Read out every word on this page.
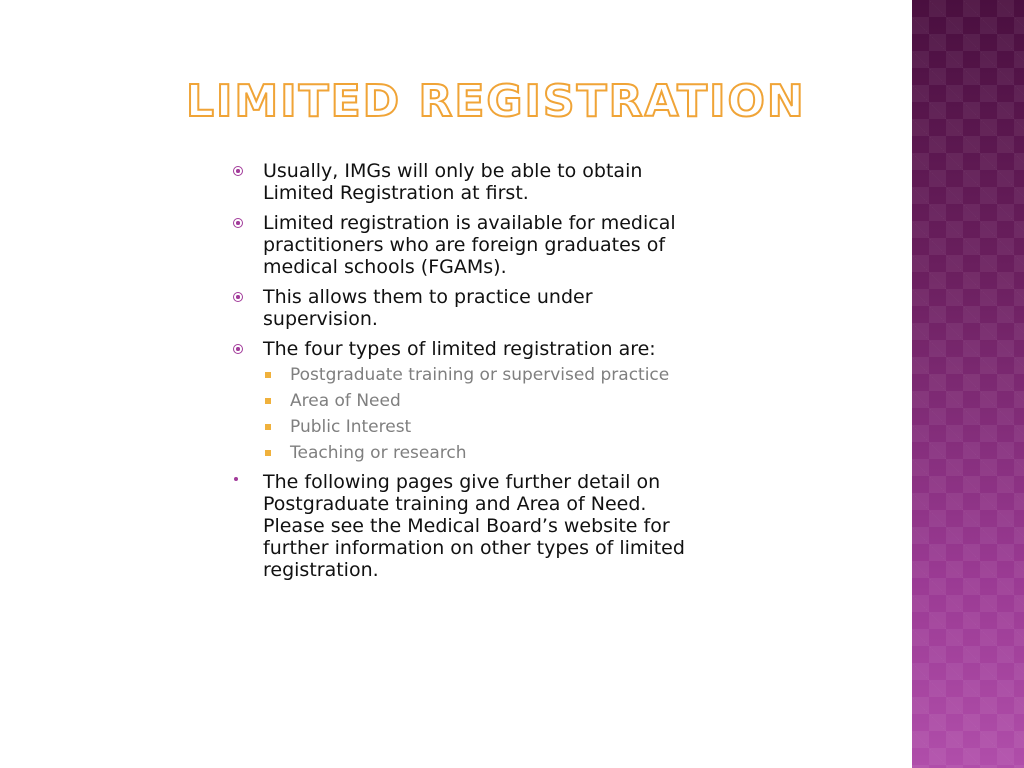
LIMITED REGISTRATION
Usually, IMGs will only be able to obtain Limited Registration at first.
Limited registration is available for medical practitioners who are foreign graduates of medical schools (FGAMs).
This allows them to practice under supervision.
The four types of limited registration are:
Postgraduate training or supervised practice
Area of Need
Public Interest
Teaching or research
The following pages give further detail on Postgraduate training and Area of Need. Please see the Medical Board’s website for further information on other types of limited registration.
